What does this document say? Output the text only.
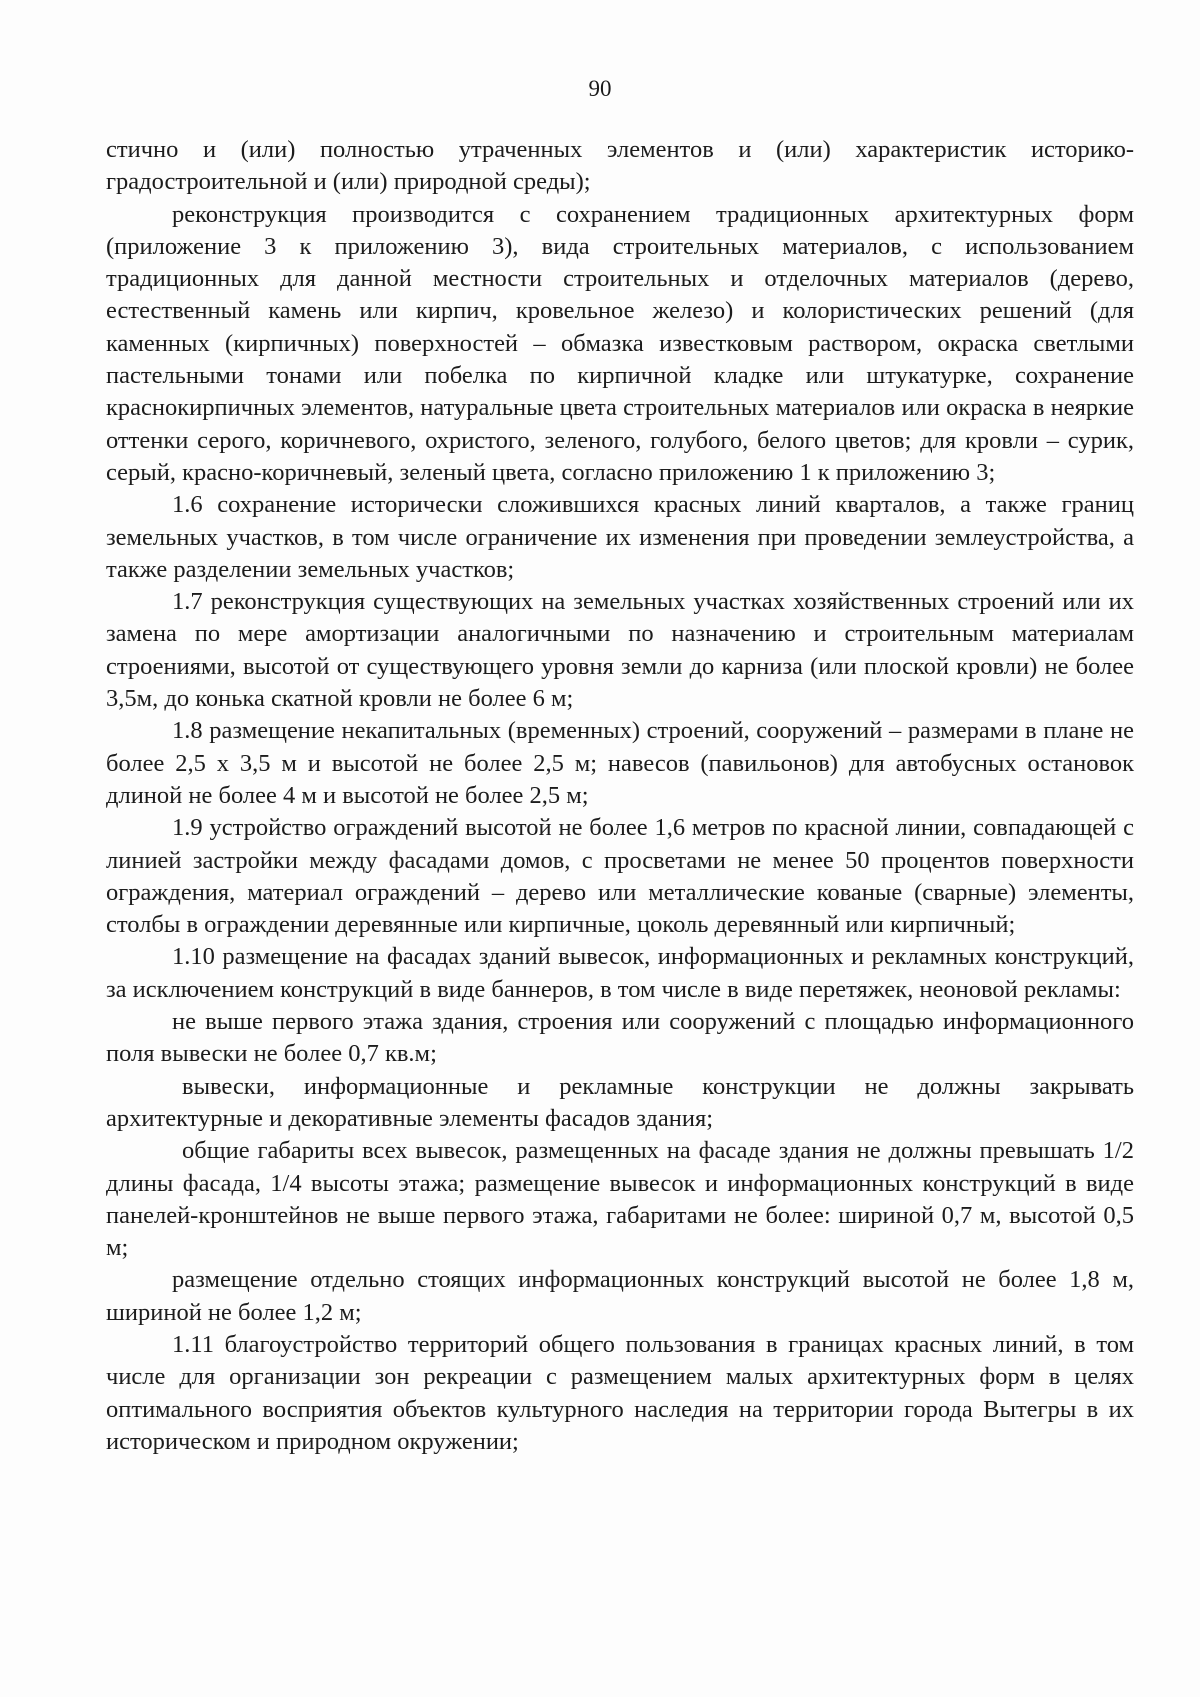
90

стично и (или) полностью утраченных элементов и (или) характеристик историко-градостроительной и (или) природной среды);

реконструкция производится с сохранением традиционных архитектурных форм (приложение 3 к приложению 3), вида строительных материалов, с использованием традиционных для данной местности строительных и отделочных материалов (дерево, естественный камень или кирпич, кровельное железо) и колористических решений (для каменных (кирпичных) поверхностей – обмазка известковым раствором, окраска светлыми пастельными тонами или побелка по кирпичной кладке или штукатурке, сохранение краснокирпичных элементов, натуральные цвета строительных материалов или окраска в неяркие оттенки серого, коричневого, охристого, зеленого, голубого, белого цветов; для кровли – сурик, серый, красно-коричневый, зеленый цвета, согласно приложению 1 к приложению 3;

1.6 сохранение исторически сложившихся красных линий кварталов, а также границ земельных участков, в том числе ограничение их изменения при проведении землеустройства, а также разделении земельных участков;

1.7 реконструкция существующих на земельных участках хозяйственных строений или их замена по мере амортизации аналогичными по назначению и строительным материалам строениями, высотой от существующего уровня земли до карниза (или плоской кровли) не более 3,5м, до конька скатной кровли не более 6 м;

1.8 размещение некапитальных (временных) строений, сооружений – размерами в плане не более 2,5 х 3,5 м и высотой не более 2,5 м; навесов (павильонов) для автобусных остановок длиной не более 4 м и высотой не более 2,5 м;

1.9 устройство ограждений высотой не более 1,6 метров по красной линии, совпадающей с линией застройки между фасадами домов, с просветами не менее 50 процентов поверхности ограждения, материал ограждений – дерево или металлические кованые (сварные) элементы, столбы в ограждении деревянные или кирпичные, цоколь деревянный или кирпичный;

1.10 размещение на фасадах зданий вывесок, информационных и рекламных конструкций, за исключением конструкций в виде баннеров, в том числе в виде перетяжек, неоновой рекламы:

не выше первого этажа здания, строения или сооружений с площадью информационного поля вывески не более 0,7 кв.м;

вывески, информационные и рекламные конструкции не должны закрывать архитектурные и декоративные элементы фасадов здания;

общие габариты всех вывесок, размещенных на фасаде здания не должны превышать 1/2 длины фасада, 1/4 высоты этажа; размещение вывесок и информационных конструкций в виде панелей-кронштейнов не выше первого этажа, габаритами не более: шириной 0,7 м, высотой 0,5 м;

размещение отдельно стоящих информационных конструкций высотой не более 1,8 м, шириной не более 1,2 м;

1.11 благоустройство территорий общего пользования в границах красных линий, в том числе для организации зон рекреации с размещением малых архитектурных форм в целях оптимального восприятия объектов культурного наследия на территории города Вытегры в их историческом и природном окружении;
